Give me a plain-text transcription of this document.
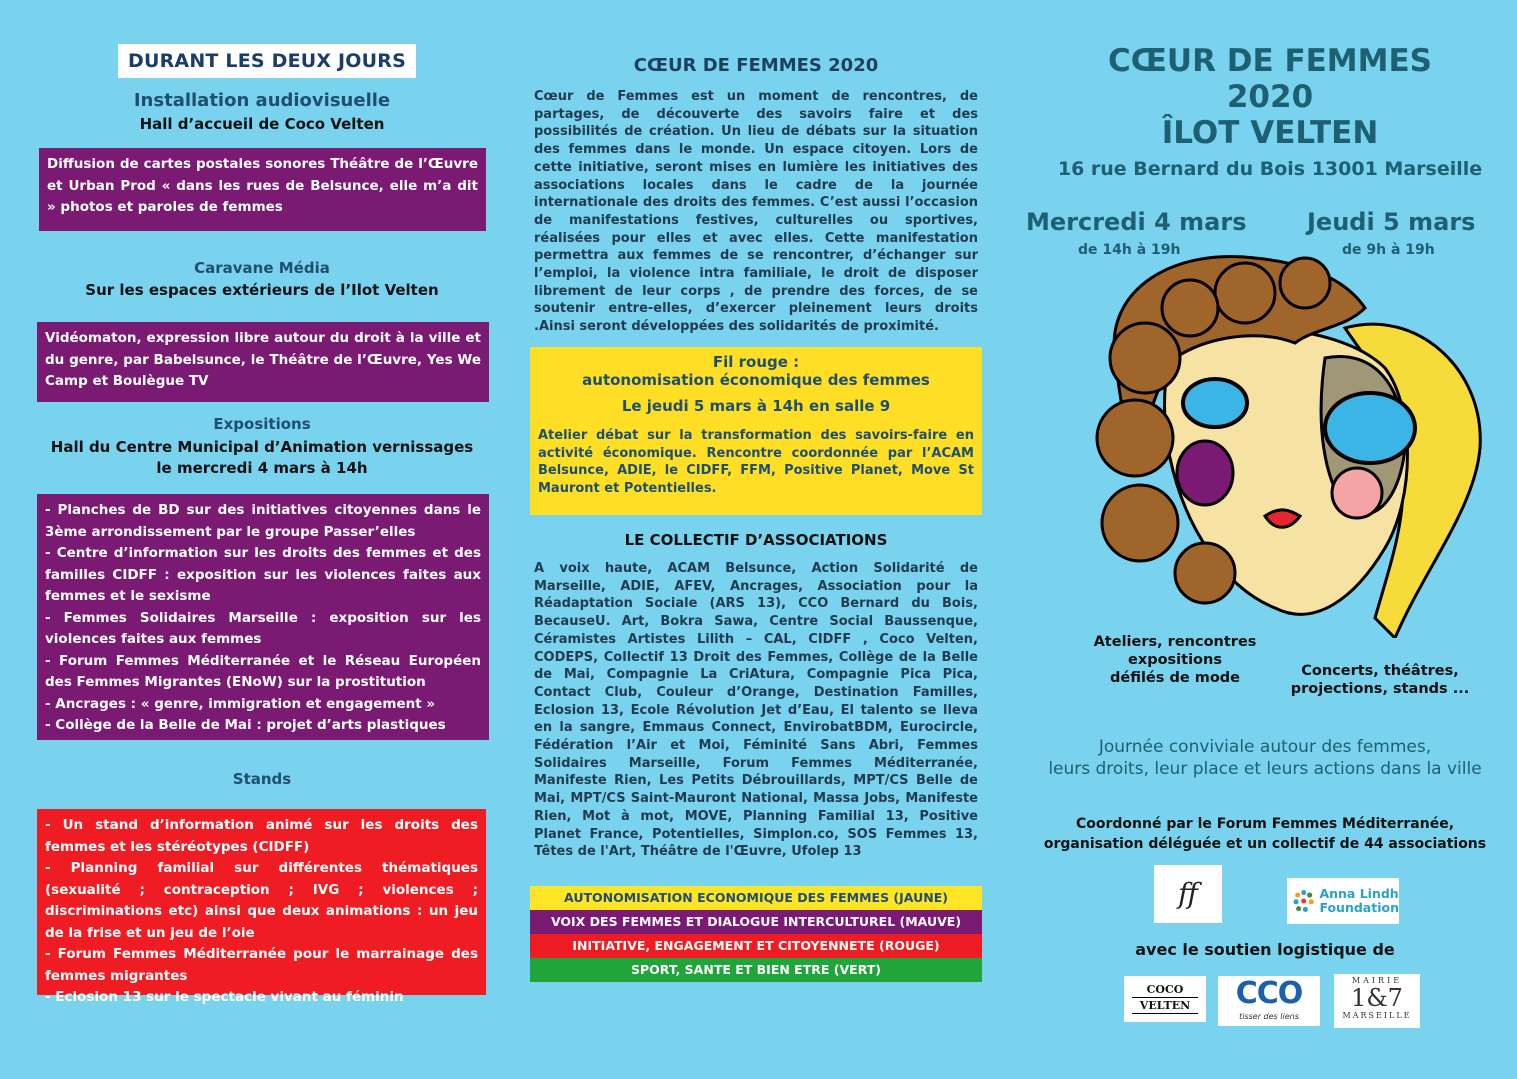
DURANT LES DEUX JOURS
Installation audiovisuelle
Hall d’accueil de Coco Velten
Diffusion de cartes postales sonores Théâtre de l’Œuvre et Urban Prod « dans les rues de Belsunce, elle m’a dit » photos et paroles de femmes
Caravane Média
Sur les espaces extérieurs de l’Ilot Velten
Vidéomaton, expression libre autour du droit à la ville et du genre, par Babelsunce, le Théâtre de l’Œuvre, Yes We Camp et Boulègue TV
Expositions
Hall du Centre Municipal d’Animation vernissages le mercredi 4 mars à 14h
- Planches de BD sur des initiatives citoyennes dans le 3ème arrondissement par le groupe Passer’elles
- Centre d’information sur les droits des femmes et des familles CIDFF : exposition sur les violences faites aux femmes et le sexisme
- Femmes Solidaires Marseille : exposition sur les violences faites aux femmes
- Forum Femmes Méditerranée et le Réseau Européen des Femmes Migrantes (ENoW) sur la prostitution
- Ancrages : « genre, immigration et engagement »
- Collège de la Belle de Mai : projet d’arts plastiques
Stands
- Un stand d’information animé sur les droits des femmes et les stéréotypes (CIDFF)
- Planning familial sur différentes thématiques (sexualité ; contraception ; IVG ; violences ; discriminations etc) ainsi que deux animations : un jeu de la frise et un jeu de l’oie
- Forum Femmes Méditerranée pour le marrainage des femmes migrantes
- Eclosion 13 sur le spectacle vivant au féminin
CŒUR DE FEMMES 2020
Cœur de Femmes est un moment de rencontres, de partages, de découverte des savoirs faire et des possibilités de création. Un lieu de débats sur la situation des femmes dans le monde. Un espace citoyen. Lors de cette initiative, seront mises en lumière les initiatives des associations locales dans le cadre de la journée internationale des droits des femmes. C’est aussi l’occasion de manifestations festives, culturelles ou sportives, réalisées pour elles et avec elles. Cette manifestation permettra aux femmes de se rencontrer, d’échanger sur l’emploi, la violence intra familiale, le droit de disposer librement de leur corps , de prendre des forces, de se soutenir entre-elles, d’exercer pleinement leurs droits .Ainsi seront développées des solidarités de proximité.
Fil rouge :
autonomisation économique des femmes
Le jeudi 5 mars à 14h en salle 9
Atelier débat sur la transformation des savoirs-faire en activité économique. Rencontre coordonnée par l’ACAM Belsunce, ADIE, le CIDFF, FFM, Positive Planet, Move St Mauront et Potentielles.
LE COLLECTIF D’ASSOCIATIONS
A voix haute, ACAM Belsunce, Action Solidarité de Marseille, ADIE, AFEV, Ancrages, Association pour la Réadaptation Sociale (ARS 13), CCO Bernard du Bois, BecauseU. Art, Bokra Sawa, Centre Social Baussenque, Céramistes Artistes Lilith – CAL, CIDFF , Coco Velten, CODEPS, Collectif 13 Droit des Femmes, Collège de la Belle de Mai, Compagnie La CriAtura, Compagnie Pica Pica, Contact Club, Couleur d’Orange, Destination Familles, Eclosion 13, Ecole Révolution Jet d’Eau, El talento se lleva en la sangre, Emmaus Connect, EnvirobatBDM, Eurocircle, Fédération l’Air et Moi, Féminité Sans Abri, Femmes Solidaires Marseille, Forum Femmes Méditerranée, Manifeste Rien, Les Petits Débrouillards, MPT/CS Belle de Mai, MPT/CS Saint-Mauront National, Massa Jobs, Manifeste Rien, Mot à mot, MOVE, Planning Familial 13, Positive Planet France, Potentielles, Simplon.co, SOS Femmes 13, Têtes de l'Art, Théâtre de l'Œuvre, Ufolep 13
AUTONOMISATION ECONOMIQUE DES FEMMES (JAUNE)
VOIX DES FEMMES ET DIALOGUE INTERCULTUREL (MAUVE)
INITIATIVE, ENGAGEMENT ET CITOYENNETE (ROUGE)
SPORT, SANTE ET BIEN ETRE (VERT)
CŒUR DE FEMMES
2020
ÎLOT VELTEN
16 rue Bernard du Bois 13001 Marseille
Mercredi 4 mars
de 14h à 19h
Jeudi 5 mars
de 9h à 19h
Ateliers, rencontres
expositions
défilés de mode	Concerts, théâtres,
projections, stands ...
Journée conviviale autour des femmes,
leurs droits, leur place et leurs actions dans la ville
Coordonné par le Forum Femmes Méditerranée,
organisation déléguée et un collectif de 44 associations
ff	Anna Lindh
Foundation
avec le soutien logistique de
COCO
VELTEN	CCO
tisser des liens
MAIRIE
1&7
MARSEILLE
